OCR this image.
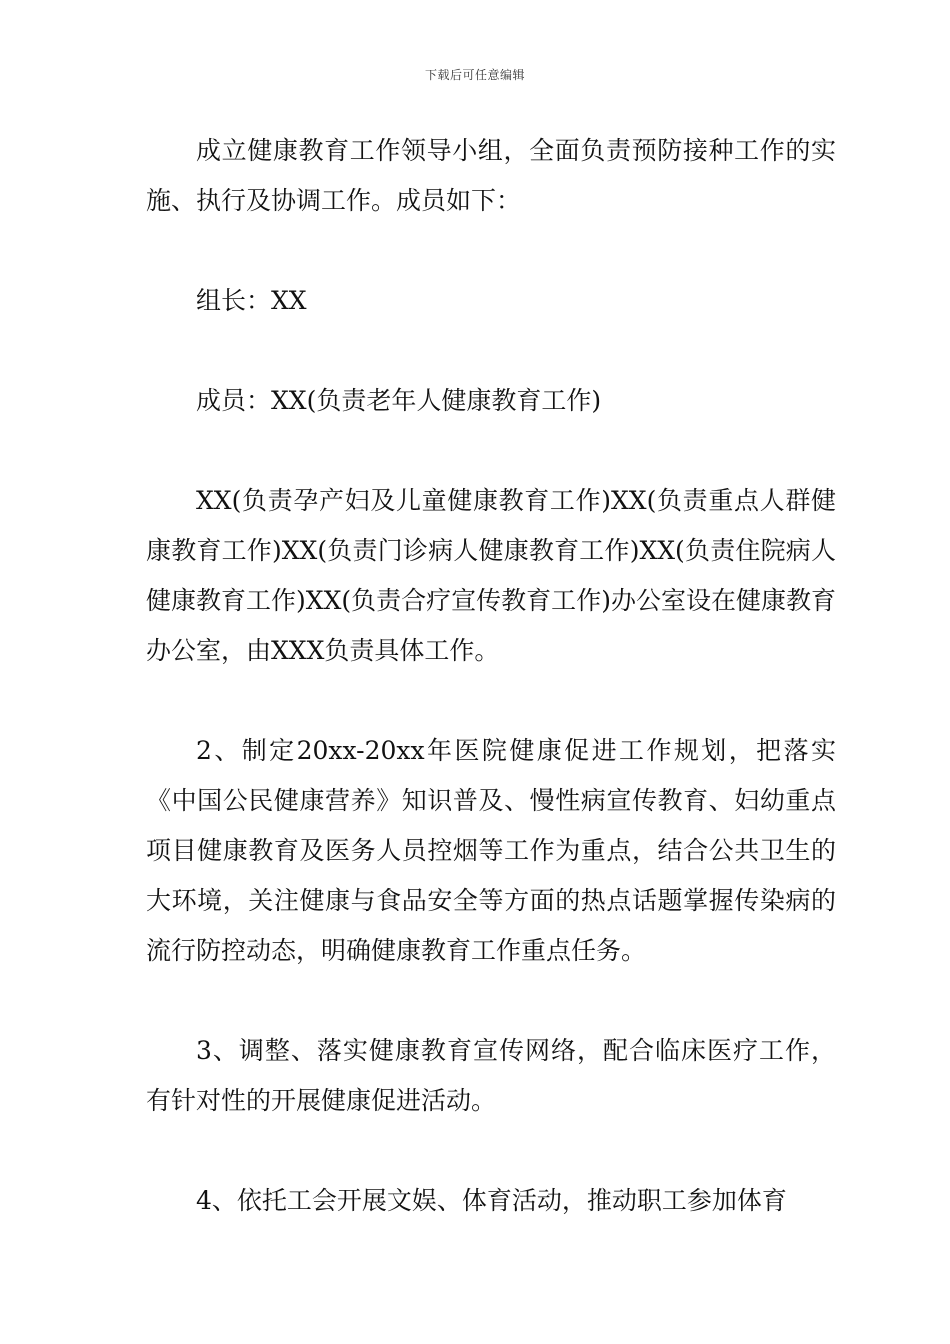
下载后可任意编辑

成立健康教育工作领导小组，全面负责预防接种工作的实施、执行及协调工作。成员如下：

组长：XX

成员：XX(负责老年人健康教育工作)

XX(负责孕产妇及儿童健康教育工作)XX(负责重点人群健康教育工作)XX(负责门诊病人健康教育工作)XX(负责住院病人健康教育工作)XX(负责合疗宣传教育工作)办公室设在健康教育办公室，由XXX负责具体工作。

2、制定20xx-20xx年医院健康促进工作规划，把落实《中国公民健康营养》知识普及、慢性病宣传教育、妇幼重点项目健康教育及医务人员控烟等工作为重点，结合公共卫生的大环境，关注健康与食品安全等方面的热点话题掌握传染病的流行防控动态，明确健康教育工作重点任务。

3、调整、落实健康教育宣传网络，配合临床医疗工作，有针对性的开展健康促进活动。

4、依托工会开展文娱、体育活动，推动职工参加体育
